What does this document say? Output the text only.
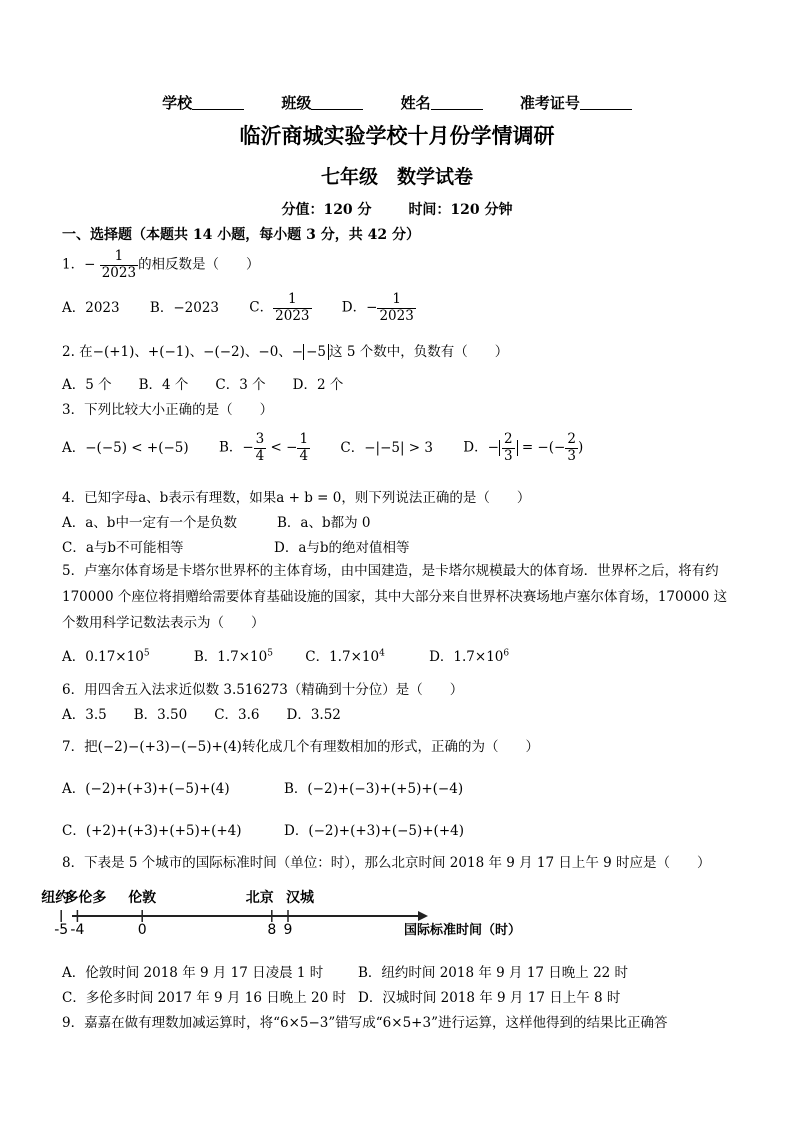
学校	班级	姓名	准考证号
临沂商城实验学校十月份学情调研
七年级　数学试卷
分值：120 分	时间：120 分钟
一、选择题（本题共 14 小题，每小题 3 分，共 42 分）
1．− $\frac{1}{2023}$ 的相反数是（　　）
A．2023 B．−2023 C． $\frac{1}{2023}$ D．− $\frac{1}{2023}$
2. 在−(+1)、+(−1)、−(−2)、−0、− −5 这 5 个数中，负数有（　　）
A．5 个　　B．4 个　　C．3 个　　D．2 个
3．下列比较大小正确的是（　　）
A．−(−5) < +(−5) B．− $\frac{3}{4}$ < − $\frac{1}{4}$ C．−|−5| > 3 D．− $\frac{2}{3}$ = −(− $\frac{2}{3}$ )
4．已知字母a、b表示有理数，如果a + b = 0，则下列说法正确的是（　　）
A．a、b中一定有一个是负数	B．a、b都为 0
C．a与b不可能相等	D．a与b的绝对值相等
5．卢塞尔体育场是卡塔尔世界杯的主体育场，由中国建造，是卡塔尔规模最大的体育场．世界杯之后，将有约 170000 个座位将捐赠给需要体育基础设施的国家，其中大部分来自世界杯决赛场地卢塞尔体育场，170000 这个数用科学记数法表示为（　　）
A．$0.17\times 10^5$	B．$1.7\times 10^5$ C．$1.7\times 10^4$	D．$1.7\times 10^6$
6．用四舍五入法求近似数 3.516273（精确到十分位）是（　　）
A．3.5　　B．3.50　　C．3.6　　D．3.52
7．把(−2)−(+3)−(−5)+(4)转化成几个有理数相加的形式，正确的为（　　）
A．(−2)+(+3)+(−5)+(4)	B．(−2)+(−3)+(+5)+(−4)
C．(+2)+(+3)+(+5)+(+4)	D．(−2)+(+3)+(−5)+(+4)
8．下表是 5 个城市的国际标准时间（单位：时），那么北京时间 2018 年 9 月 17 日上午 9 时应是（　　）
纽约
-5
多伦多
-4
伦敦
0
北京
8
汉城
9	国际标准时间（时）
A．伦敦时间 2018 年 9 月 17 日凌晨 1 时	B．纽约时间 2018 年 9 月 17 日晚上 22 时
C．多伦多时间 2017 年 9 月 16 日晚上 20 时 D．汉城时间 2018 年 9 月 17 日上午 8 时
9．嘉嘉在做有理数加减运算时，将“6×5−3”错写成“6×5+3”进行运算，这样他得到的结果比正确答
